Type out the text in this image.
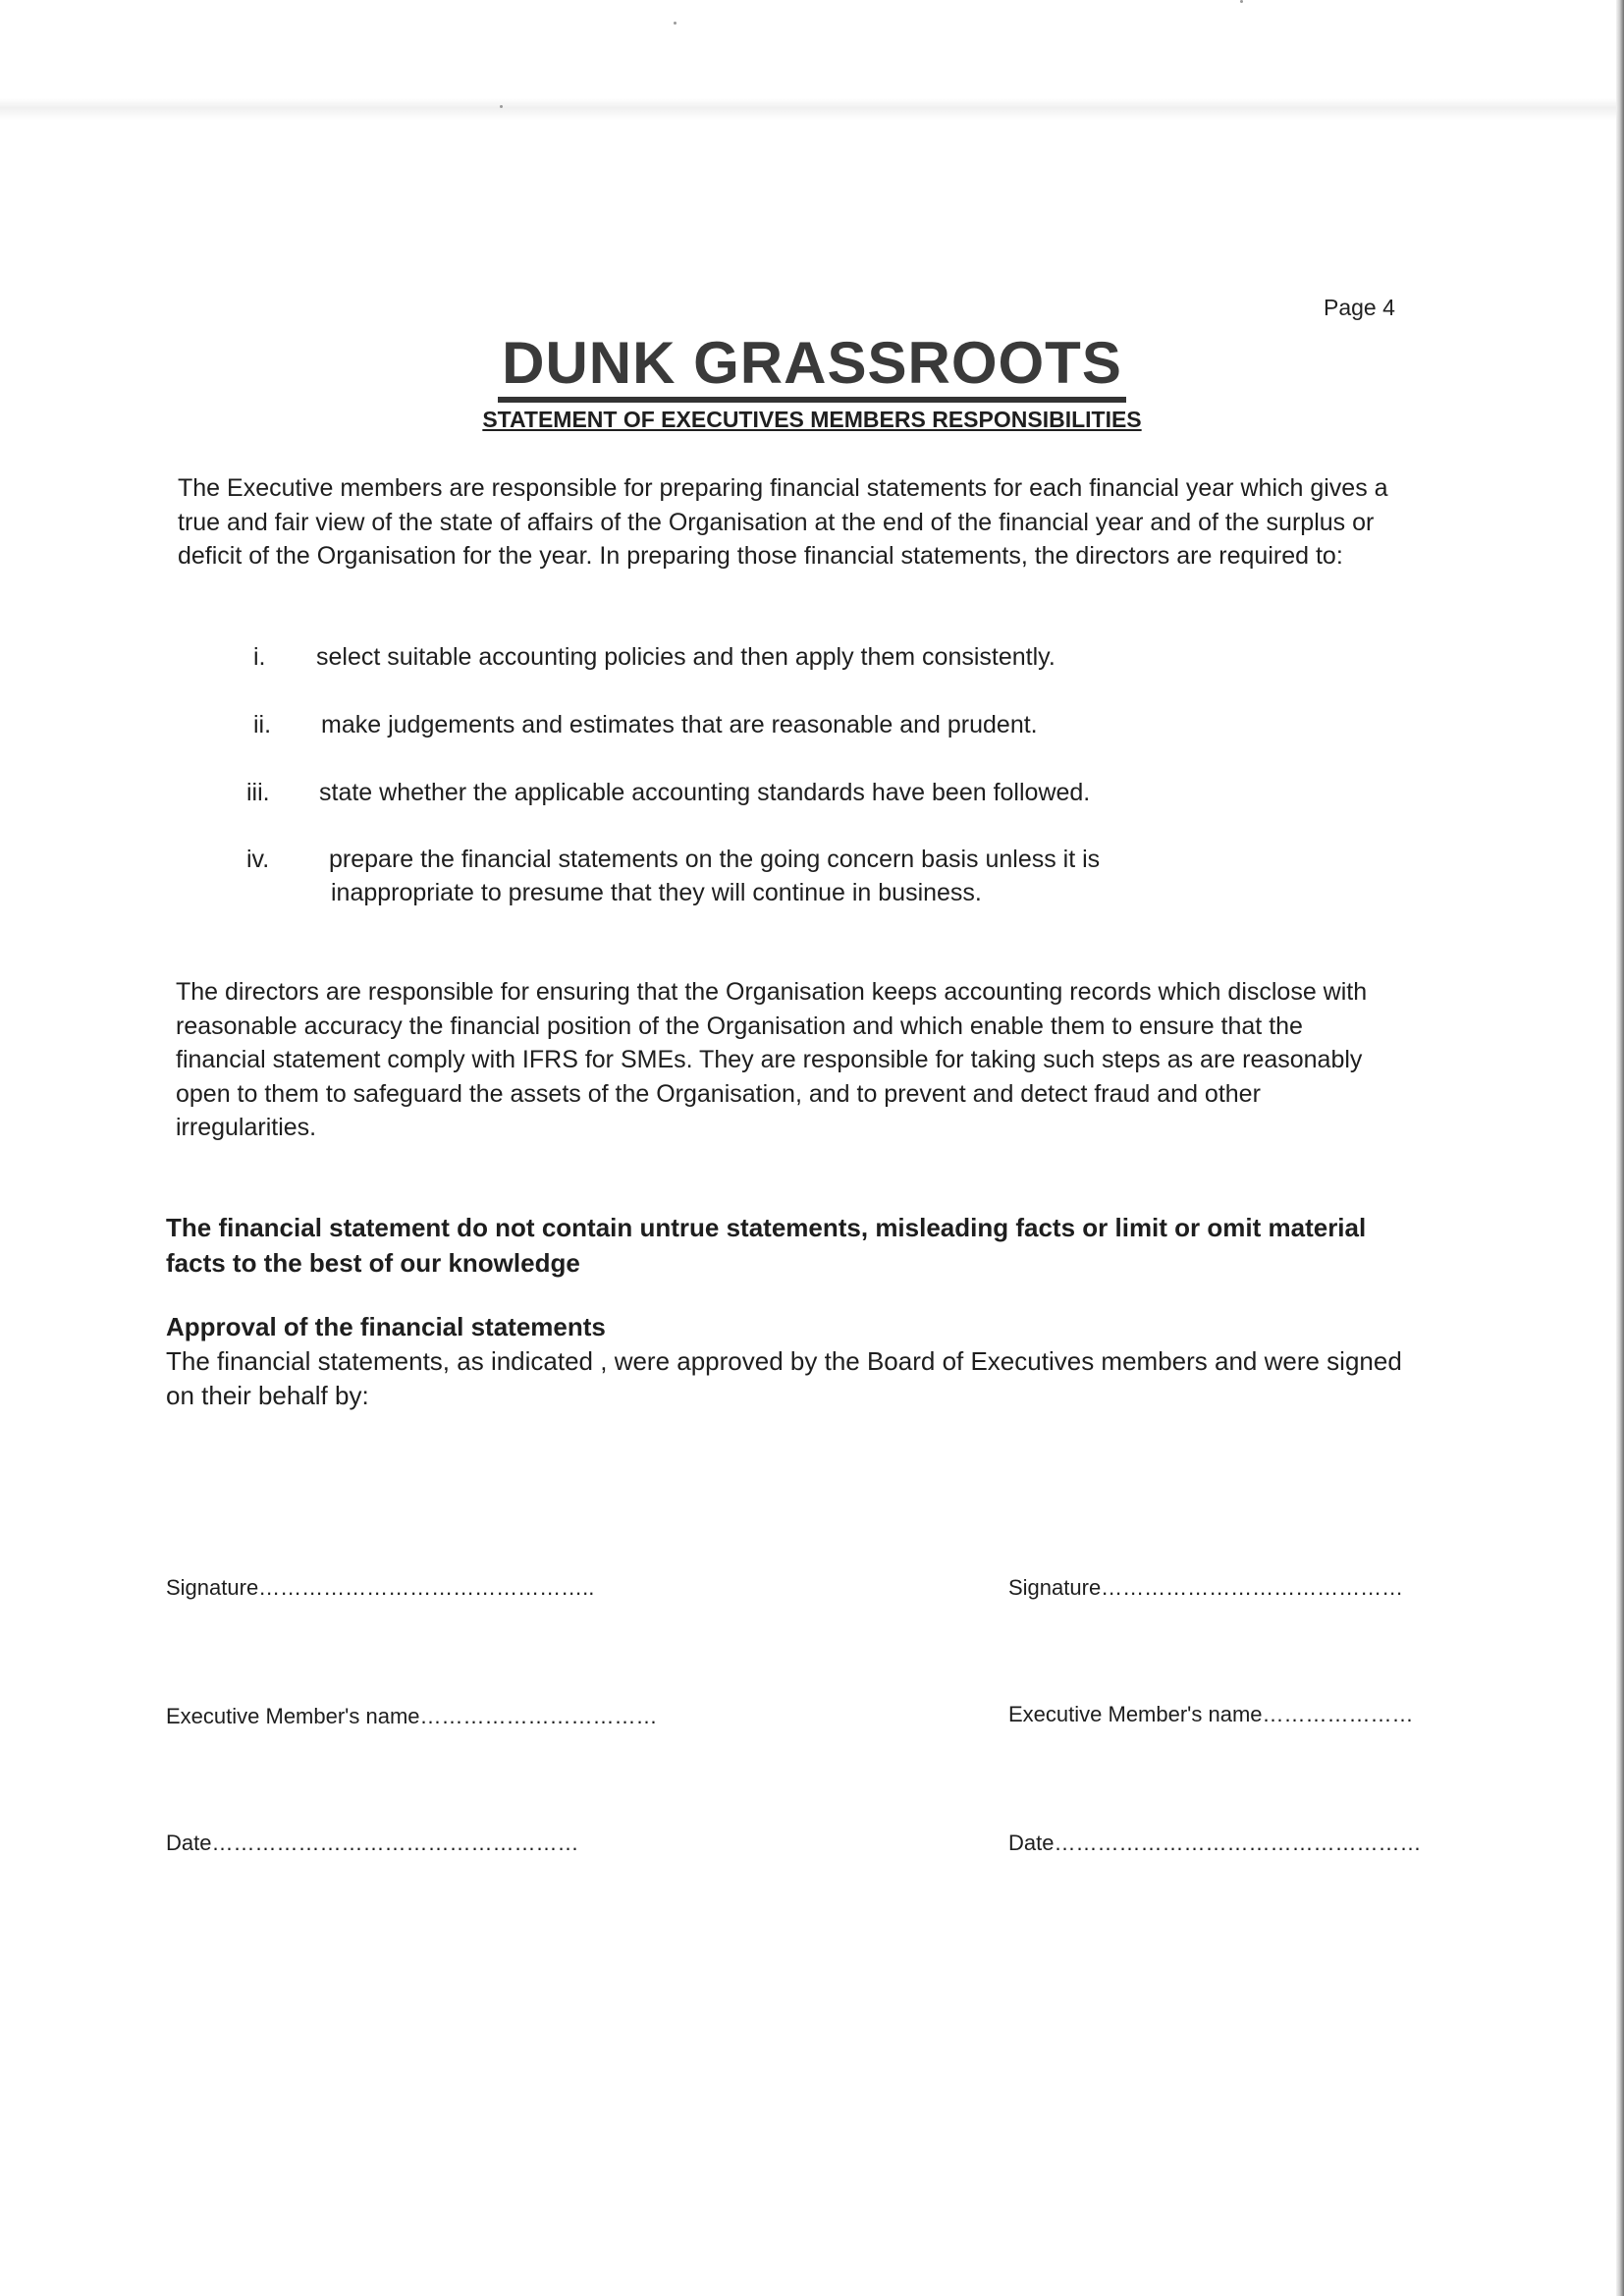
Page 4
DUNK GRASSROOTS
STATEMENT OF EXECUTIVES MEMBERS RESPONSIBILITIES

The Executive members are responsible for preparing financial statements for each financial year which gives a true and fair view of the state of affairs of the Organisation at the end of the financial year and of the surplus or deficit of the Organisation for the year. In preparing those financial statements, the directors are required to:

i. select suitable accounting policies and then apply them consistently.
ii. make judgements and estimates that are reasonable and prudent.
iii. state whether the applicable accounting standards have been followed.
iv. prepare the financial statements on the going concern basis unless it is
inappropriate to presume that they will continue in business.

The directors are responsible for ensuring that the Organisation keeps accounting records which disclose with reasonable accuracy the financial position of the Organisation and which enable them to ensure that the financial statement comply with IFRS for SMEs. They are responsible for taking such steps as are reasonably open to them to safeguard the assets of the Organisation, and to prevent and detect fraud and other irregularities.

The financial statement do not contain untrue statements, misleading facts or limit or omit material facts to the best of our knowledge

Approval of the financial statements

The financial statements, as indicated , were approved by the Board of Executives members and were signed on their behalf by:

Signature………………………………………..	Signature……………………………………
Executive Member's name……………………………	Executive Member's name…………………
Date……………………………………………	Date……………………………………………
